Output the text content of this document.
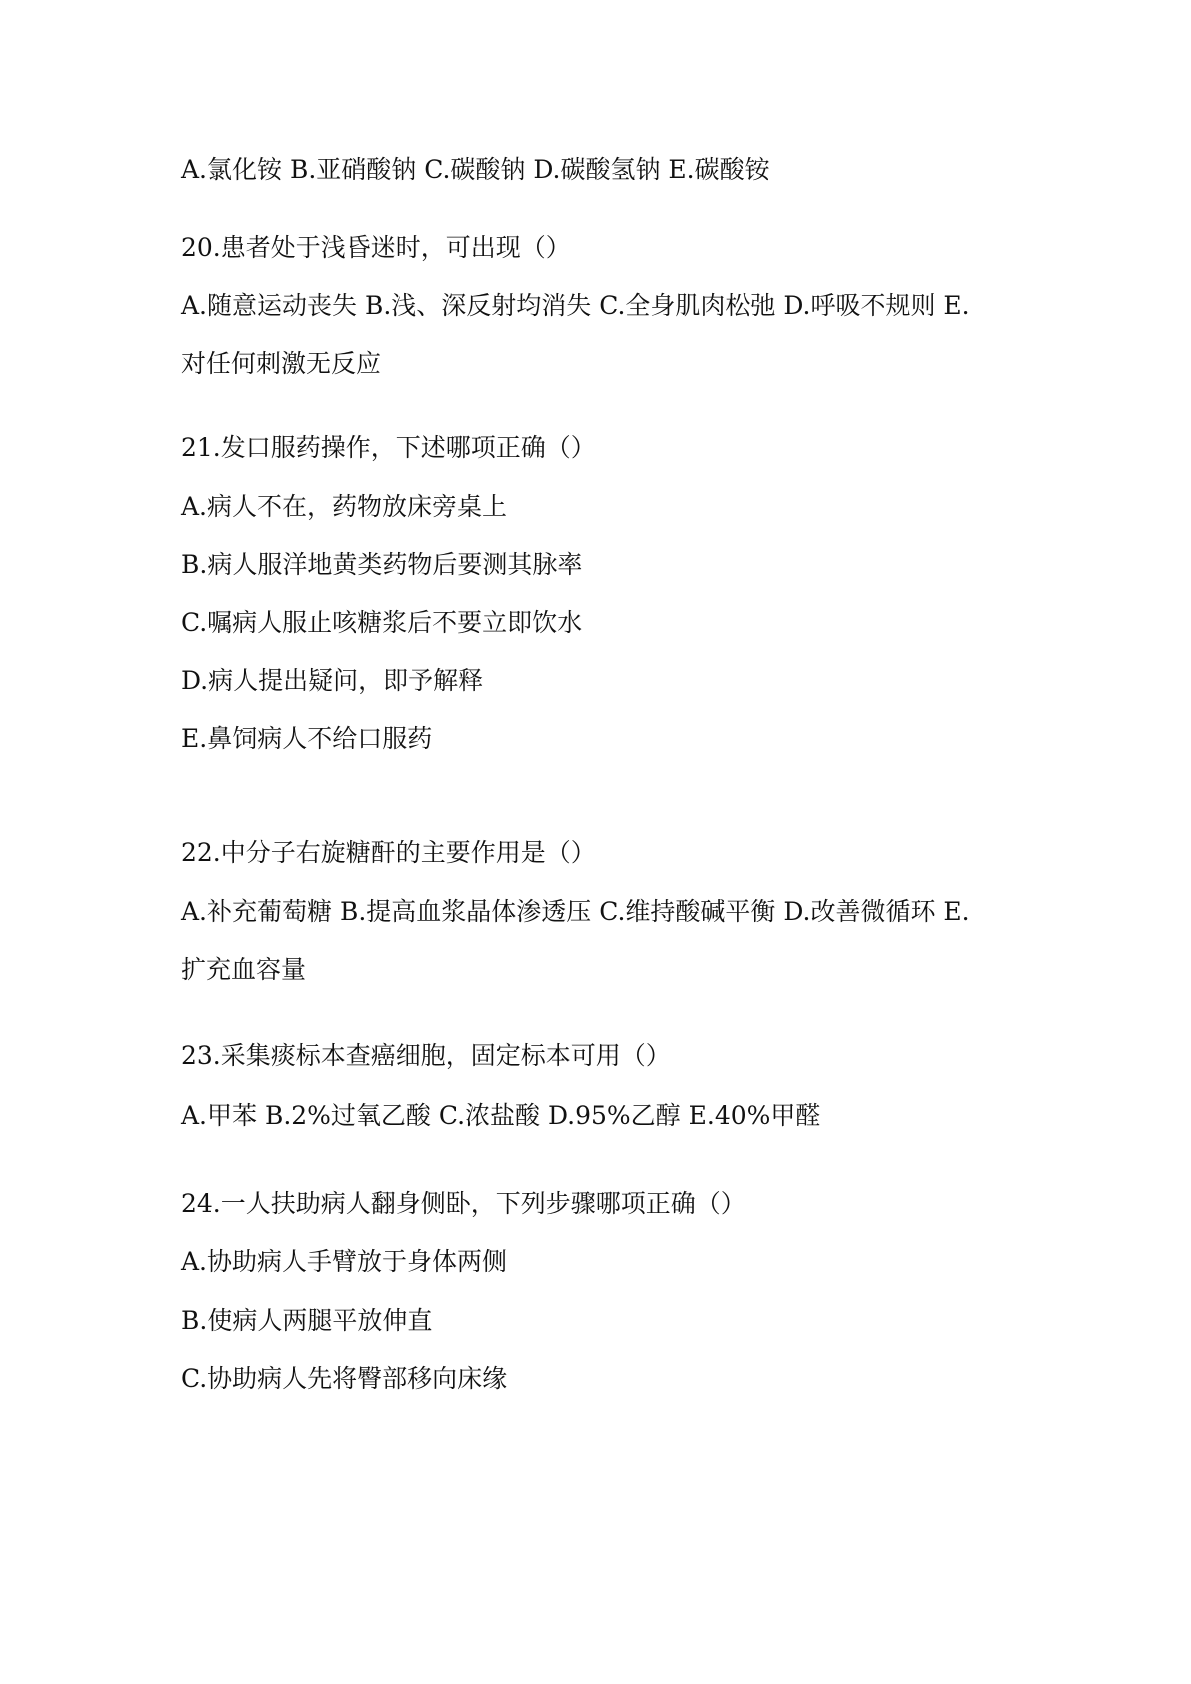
A.氯化铵 B.亚硝酸钠 C.碳酸钠 D.碳酸氢钠 E.碳酸铵
20.患者处于浅昏迷时，可出现（）
A.随意运动丧失 B.浅、深反射均消失 C.全身肌肉松弛 D.呼吸不规则 E.
对任何刺激无反应
21.发口服药操作，下述哪项正确（）
A.病人不在，药物放床旁桌上
B.病人服洋地黄类药物后要测其脉率
C.嘱病人服止咳糖浆后不要立即饮水
D.病人提出疑问，即予解释
E.鼻饲病人不给口服药
22.中分子右旋糖酐的主要作用是（）
A.补充葡萄糖 B.提高血浆晶体渗透压 C.维持酸碱平衡 D.改善微循环 E.
扩充血容量
23.采集痰标本查癌细胞，固定标本可用（）
A.甲苯 B.2%过氧乙酸 C.浓盐酸 D.95%乙醇 E.40%甲醛
24.一人扶助病人翻身侧卧，下列步骤哪项正确（）
A.协助病人手臂放于身体两侧
B.使病人两腿平放伸直
C.协助病人先将臀部移向床缘
